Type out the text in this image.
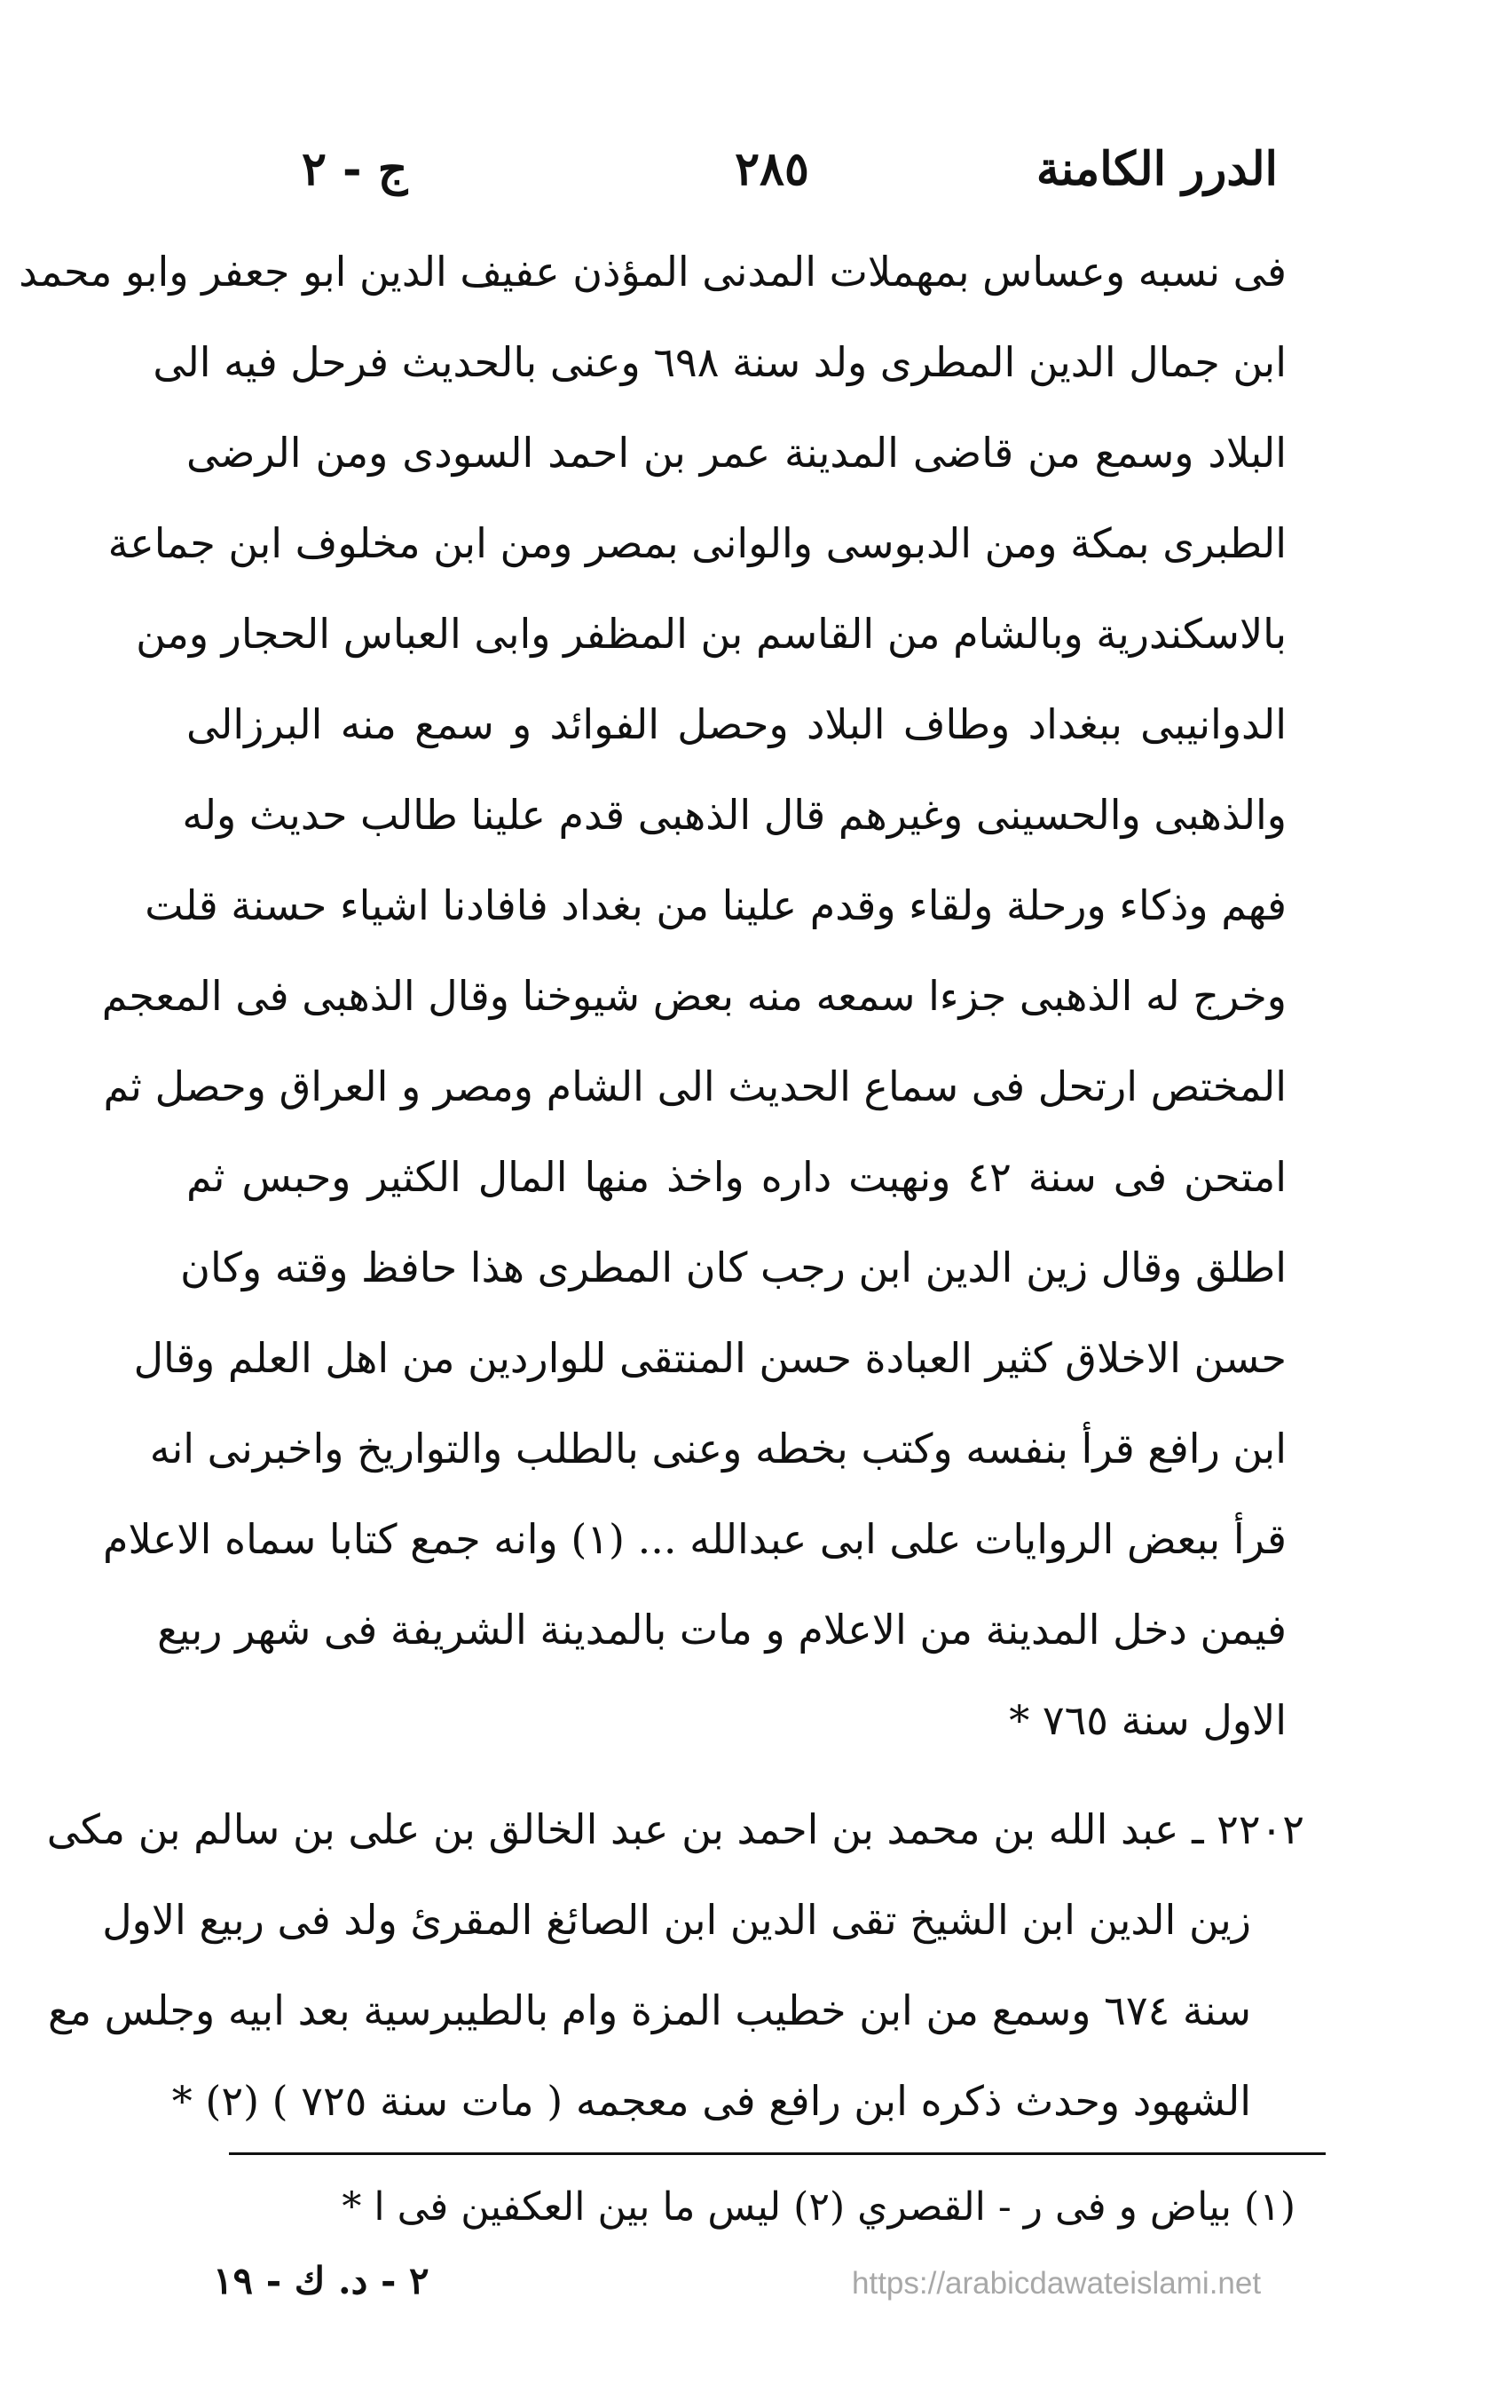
الدرر الكامنة
٢٨٥
ج - ٢
فى نسبه وعساس بمهملات المدنى المؤذن عفيف الدين ابو جعفر وابو محمد
ابن جمال الدين المطرى ولد سنة ٦٩٨ وعنى بالحديث فرحل فيه الى
البلاد وسمع من قاضى المدينة عمر بن احمد السودى ومن الرضى
الطبرى بمكة ومن الدبوسى والوانى بمصر ومن ابن مخلوف ابن جماعة
بالاسكندرية وبالشام من القاسم بن المظفر وابى العباس الحجار ومن
الدوانيبى ببغداد وطاف البلاد وحصل الفوائد و سمع منه البرزالى
والذهبى والحسينى وغيرهم قال الذهبى قدم علينا طالب حديث وله
فهم وذكاء ورحلة ولقاء وقدم علينا من بغداد فافادنا اشياء حسنة قلت
وخرج له الذهبى جزءا سمعه منه بعض شيوخنا وقال الذهبى فى المعجم
المختص ارتحل فى سماع الحديث الى الشام ومصر و العراق وحصل ثم
امتحن فى سنة ٤٢ ونهبت داره واخذ منها المال الكثير وحبس ثم
اطلق وقال زين الدين ابن رجب كان المطرى هذا حافظ وقته وكان
حسن الاخلاق كثير العبادة حسن المنتقى للواردين من اهل العلم وقال
ابن رافع قرأ بنفسه وكتب بخطه وعنى بالطلب والتواريخ واخبرنى انه
قرأ ببعض الروايات على ابى عبدالله ... (١) وانه جمع كتابا سماه الاعلام
فيمن دخل المدينة من الاعلام و مات بالمدينة الشريفة فى شهر ربيع
الاول سنة ٧٦٥ *
٢٢٠٢ ـ عبد الله بن محمد بن احمد بن عبد الخالق بن على بن سالم بن مكى
زين الدين ابن الشيخ تقى الدين ابن الصائغ المقرئ ولد فى ربيع الاول
سنة ٦٧٤ وسمع من ابن خطيب المزة وام بالطيبرسية بعد ابيه وجلس مع
الشهود وحدث ذكره ابن رافع فى معجمه ( مات سنة ٧٢٥ ) (٢) *
(١) بياض و فى ر - القصري (٢) ليس ما بين العكفين فى ا *
٢ - د. ك - ١٩	https://arabicdawateislami.net
